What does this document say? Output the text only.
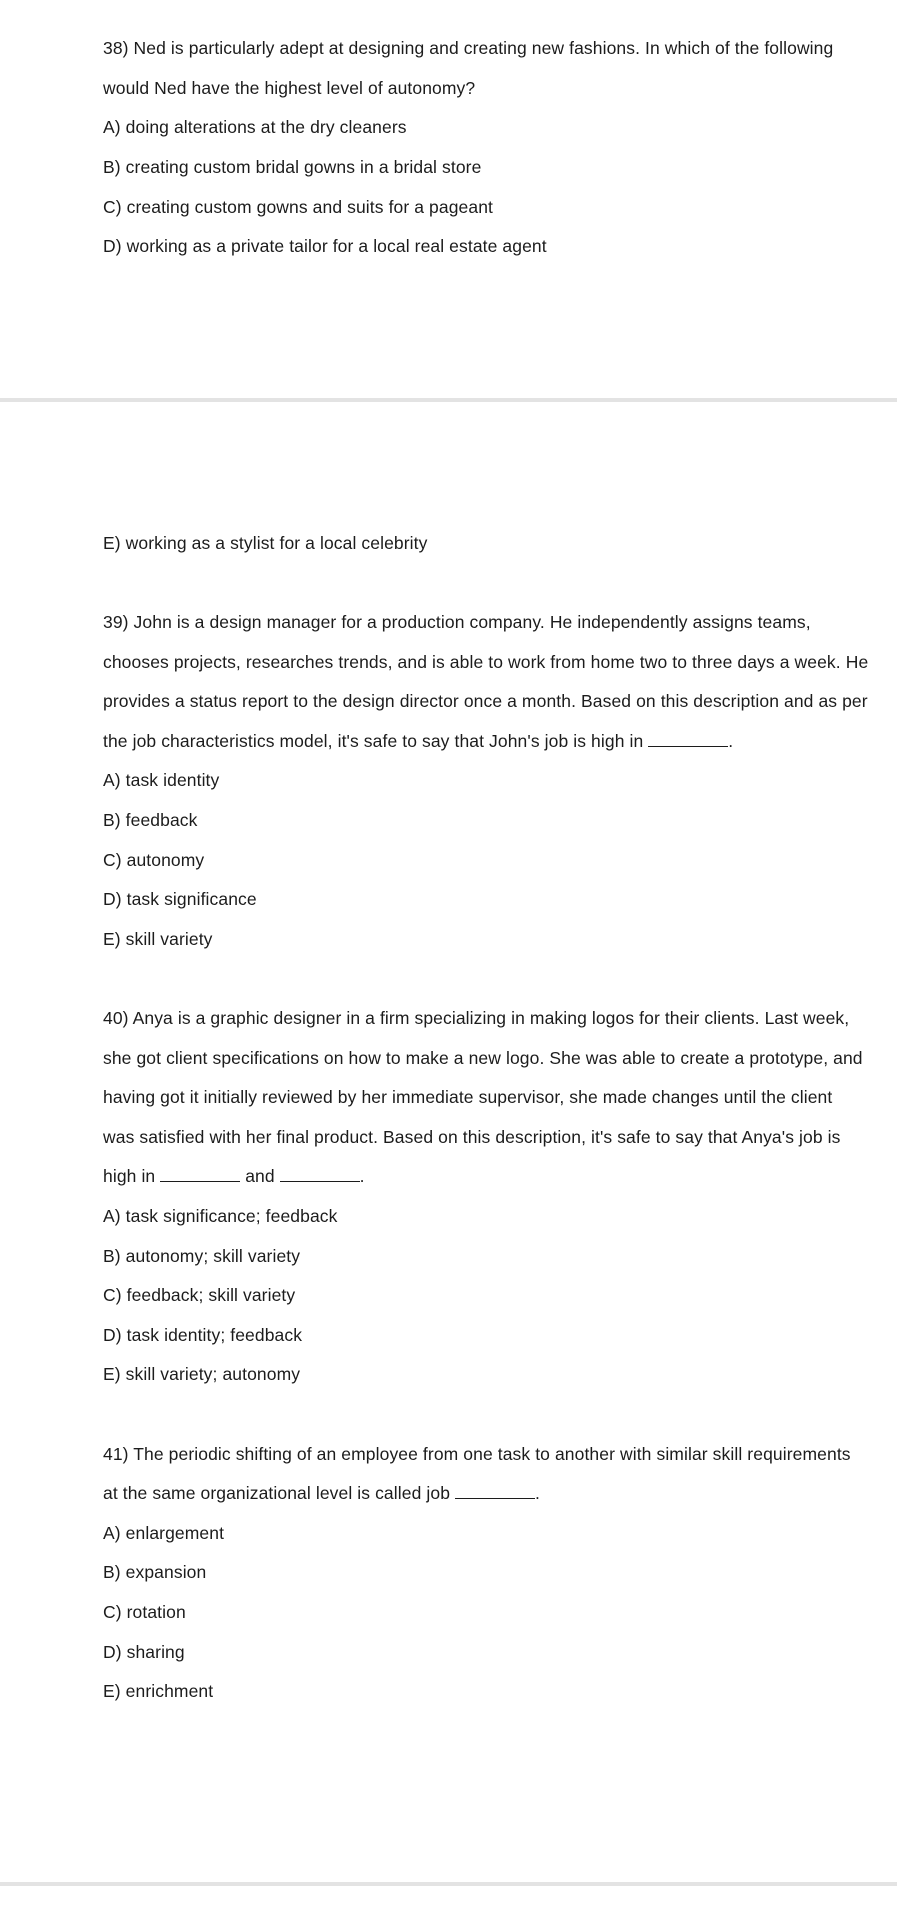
38) Ned is particularly adept at designing and creating new fashions. In which of the following
would Ned have the highest level of autonomy?
A) doing alterations at the dry cleaners
B) creating custom bridal gowns in a bridal store
C) creating custom gowns and suits for a pageant
D) working as a private tailor for a local real estate agent
E) working as a stylist for a local celebrity
39) John is a design manager for a production company. He independently assigns teams,
chooses projects, researches trends, and is able to work from home two to three days a week. He
provides a status report to the design director once a month. Based on this description and as per
the job characteristics model, it's safe to say that John's job is high in	.
A) task identity
B) feedback
C) autonomy
D) task significance
E) skill variety
40) Anya is a graphic designer in a firm specializing in making logos for their clients. Last week,
she got client specifications on how to make a new logo. She was able to create a prototype, and
having got it initially reviewed by her immediate supervisor, she made changes until the client
was satisfied with her final product. Based on this description, it's safe to say that Anya's job is
high in	and	.
A) task significance; feedback
B) autonomy; skill variety
C) feedback; skill variety
D) task identity; feedback
E) skill variety; autonomy
41) The periodic shifting of an employee from one task to another with similar skill requirements
at the same organizational level is called job	.
A) enlargement
B) expansion
C) rotation
D) sharing
E) enrichment
